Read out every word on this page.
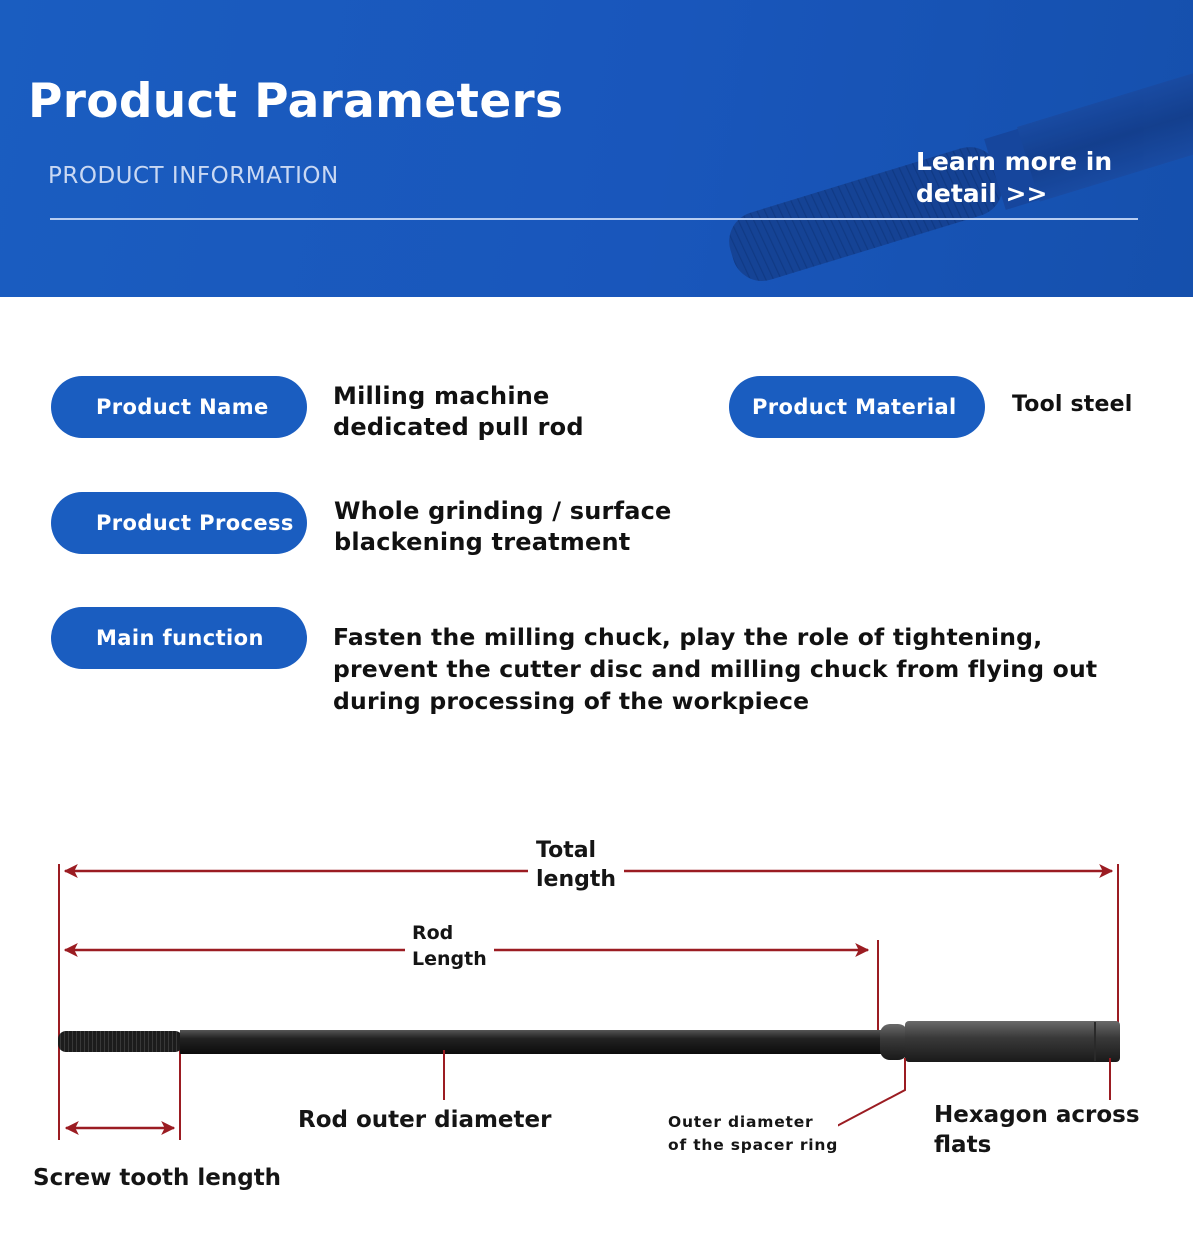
Product Parameters
PRODUCT INFORMATION	Learn more in detail >>
Product Name	Milling machine
dedicated pull rod
Product Material	Tool steel
Product Process	Whole grinding / surface
blackening treatment
Main function	Fasten the milling chuck, play the role of tightening,
prevent the cutter disc and milling chuck from flying out
during processing of the workpiece
Total
length
Rod
Length
Rod outer diameter	Outer diameter
of the spacer ring
Hexagon across
flats
Screw tooth length
